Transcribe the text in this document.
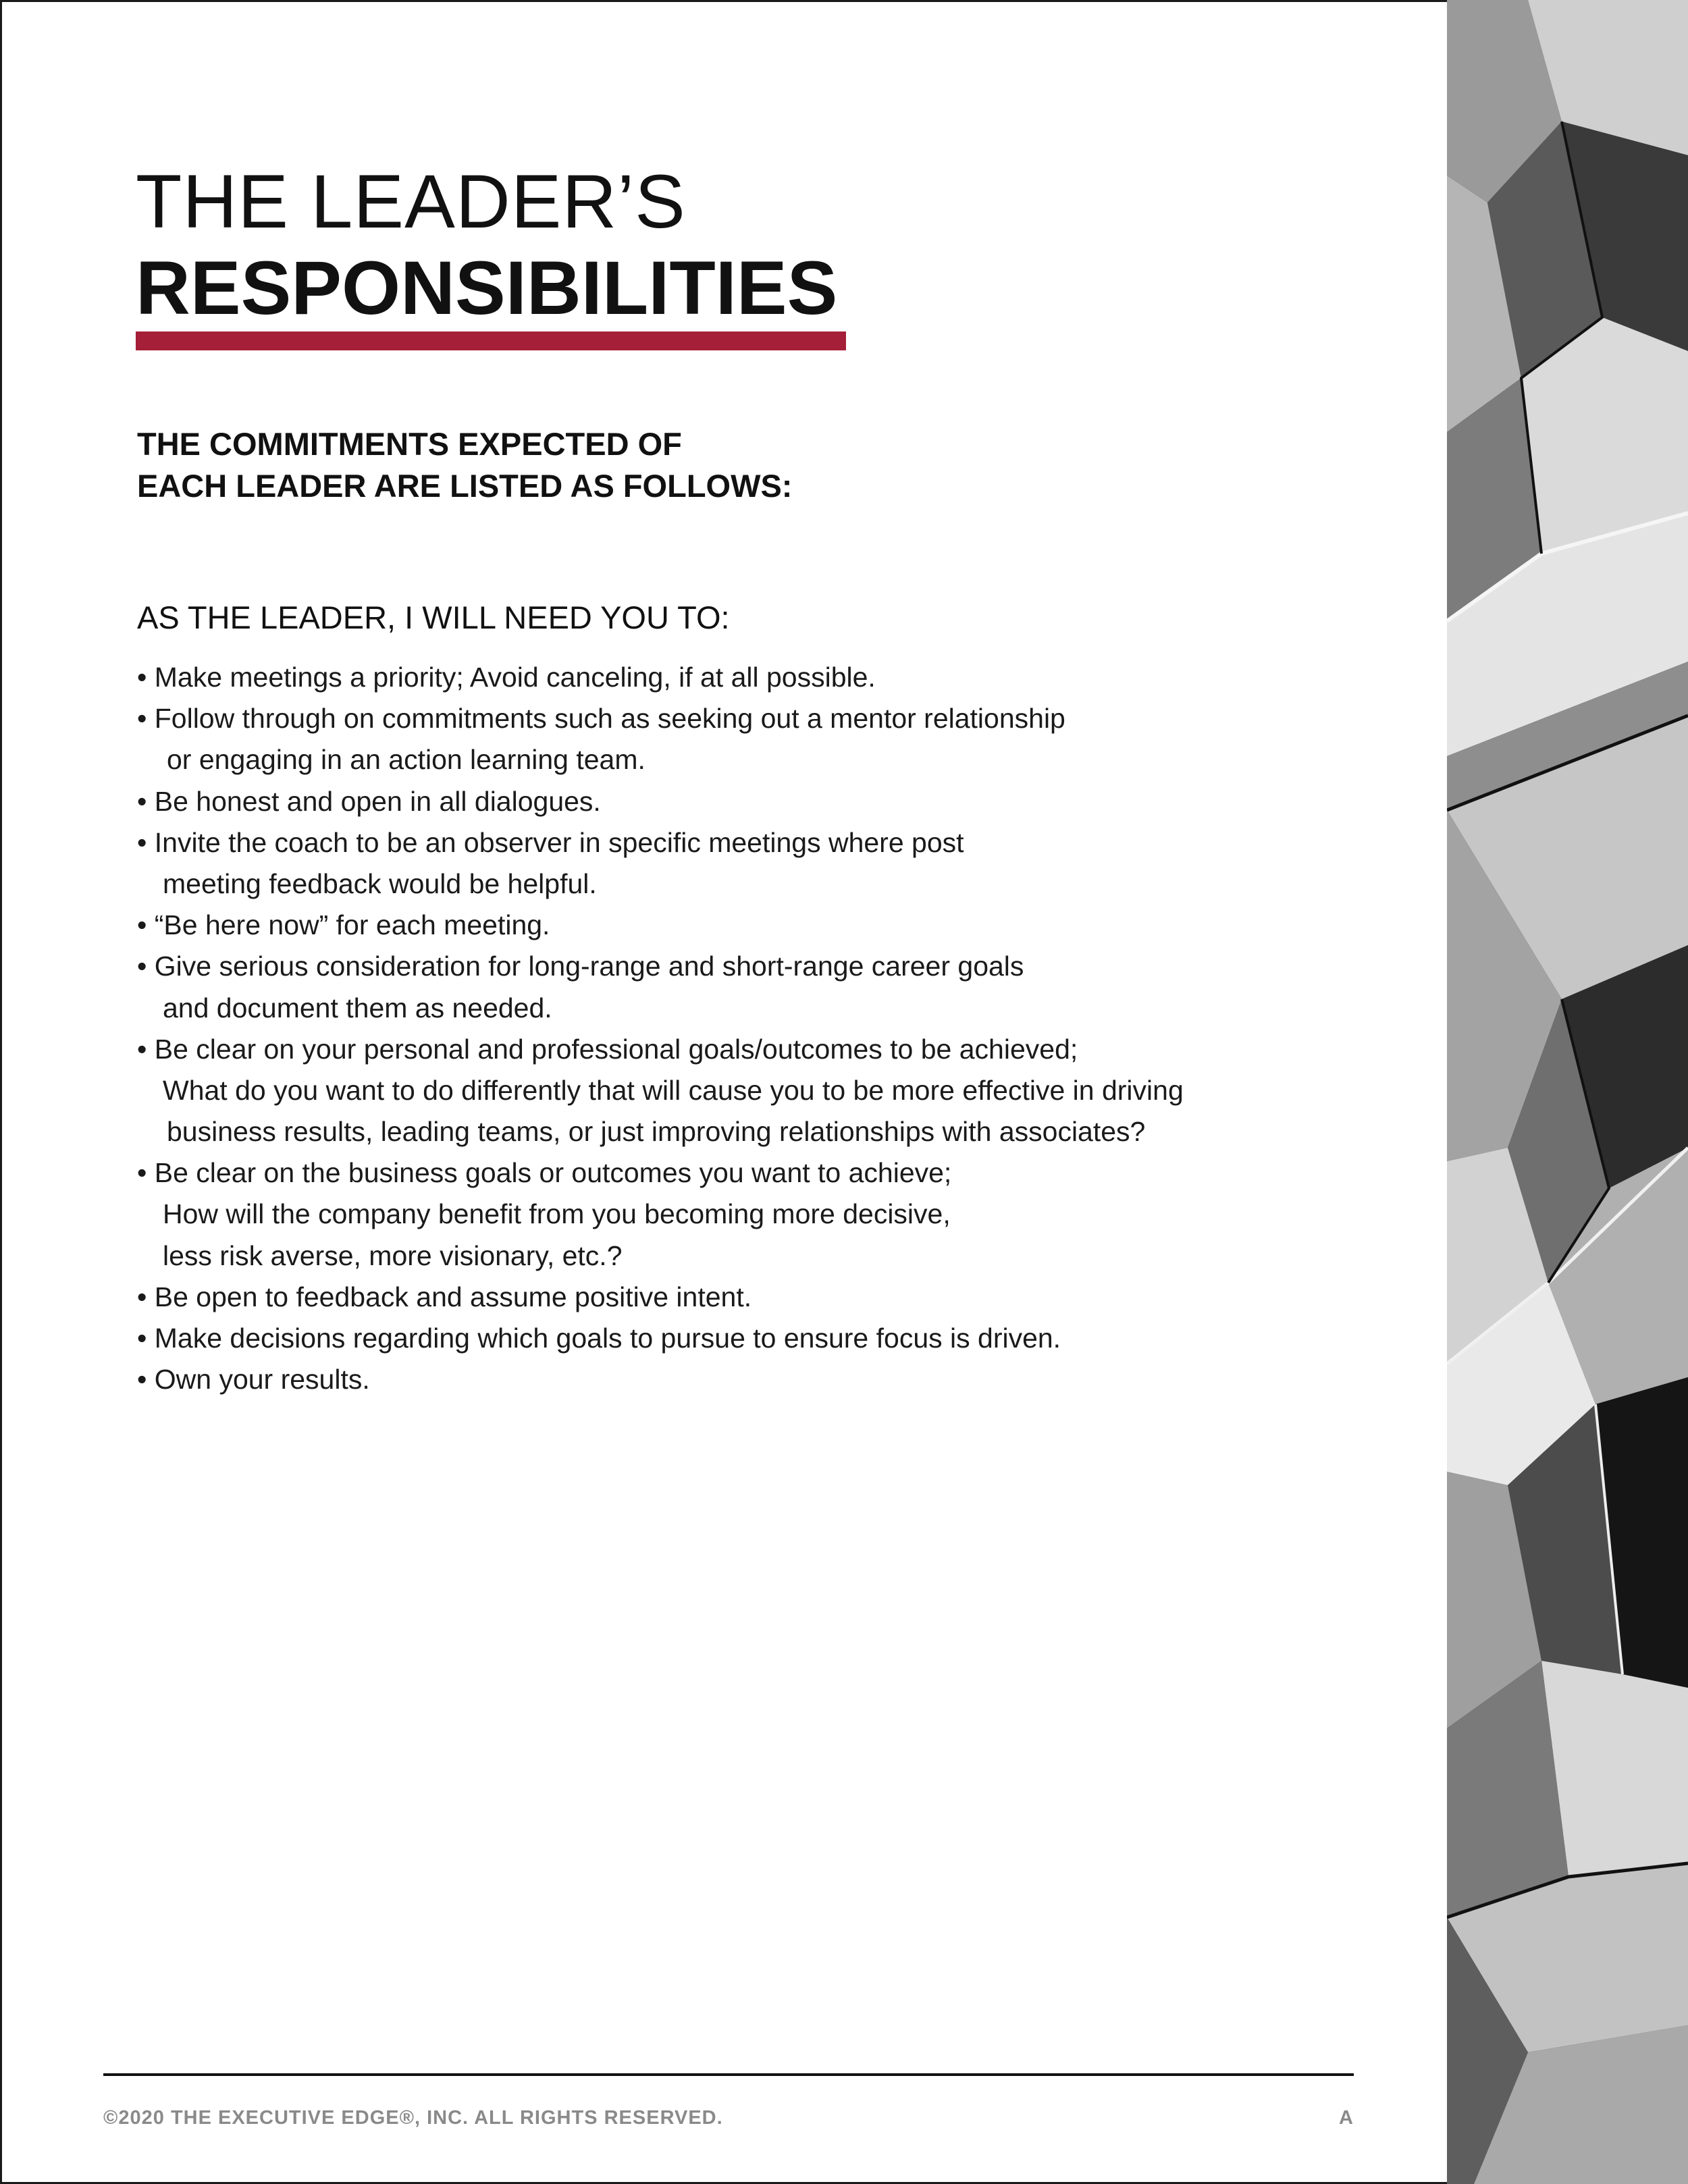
THE LEADER’S
RESPONSIBILITIES
THE COMMITMENTS EXPECTED OF
EACH LEADER ARE LISTED AS FOLLOWS:
AS THE LEADER, I WILL NEED YOU TO:
• Make meetings a priority; Avoid canceling, if at all possible.
• Follow through on commitments such as seeking out a mentor relationship
or engaging in an action learning team.
• Be honest and open in all dialogues.
• Invite the coach to be an observer in specific meetings where post
meeting feedback would be helpful.
• “Be here now” for each meeting.
• Give serious consideration for long-range and short-range career goals
and document them as needed.
• Be clear on your personal and professional goals/outcomes to be achieved;
What do you want to do differently that will cause you to be more effective in driving
business results, leading teams, or just improving relationships with associates?
• Be clear on the business goals or outcomes you want to achieve;
How will the company benefit from you becoming more decisive,
less risk averse, more visionary, etc.?
• Be open to feedback and assume positive intent.
• Make decisions regarding which goals to pursue to ensure focus is driven.
• Own your results.
©2020 THE EXECUTIVE EDGE®, INC. ALL RIGHTS RESERVED.	A
